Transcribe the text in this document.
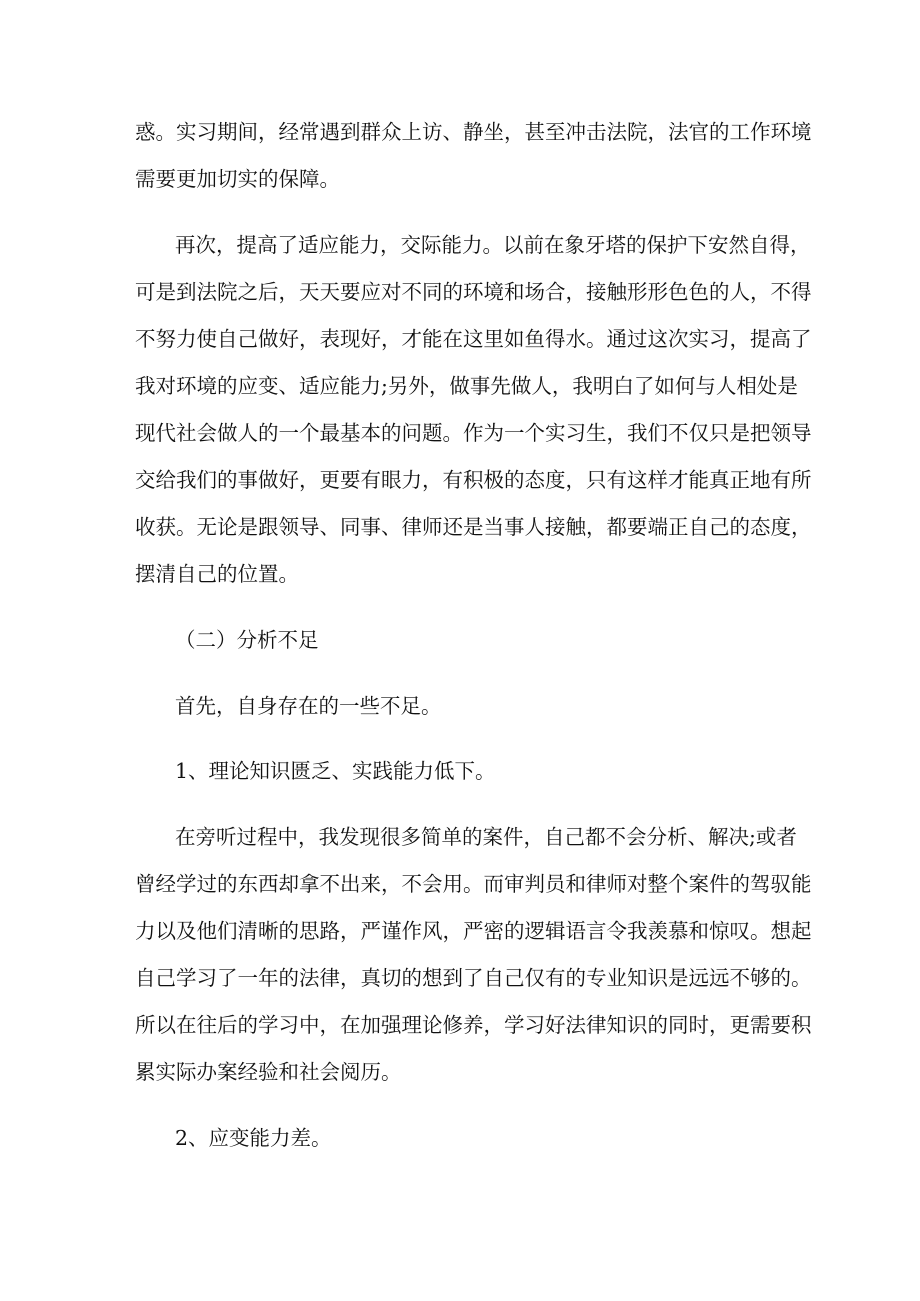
惑。实习期间，经常遇到群众上访、静坐，甚至冲击法院，法官的工作环境
需要更加切实的保障。
再次，提高了适应能力，交际能力。以前在象牙塔的保护下安然自得，
可是到法院之后，天天要应对不同的环境和场合，接触形形色色的人，不得
不努力使自己做好，表现好，才能在这里如鱼得水。通过这次实习，提高了
我对环境的应变、适应能力;另外，做事先做人，我明白了如何与人相处是
现代社会做人的一个最基本的问题。作为一个实习生，我们不仅只是把领导
交给我们的事做好，更要有眼力，有积极的态度，只有这样才能真正地有所
收获。无论是跟领导、同事、律师还是当事人接触，都要端正自己的态度，
摆清自己的位置。
（二）分析不足
首先，自身存在的一些不足。
1、理论知识匮乏、实践能力低下。
在旁听过程中，我发现很多简单的案件，自己都不会分析、解决;或者
曾经学过的东西却拿不出来，不会用。而审判员和律师对整个案件的驾驭能
力以及他们清晰的思路，严谨作风，严密的逻辑语言令我羡慕和惊叹。想起
自己学习了一年的法律，真切的想到了自己仅有的专业知识是远远不够的。
所以在往后的学习中，在加强理论修养，学习好法律知识的同时，更需要积
累实际办案经验和社会阅历。
2、应变能力差。
